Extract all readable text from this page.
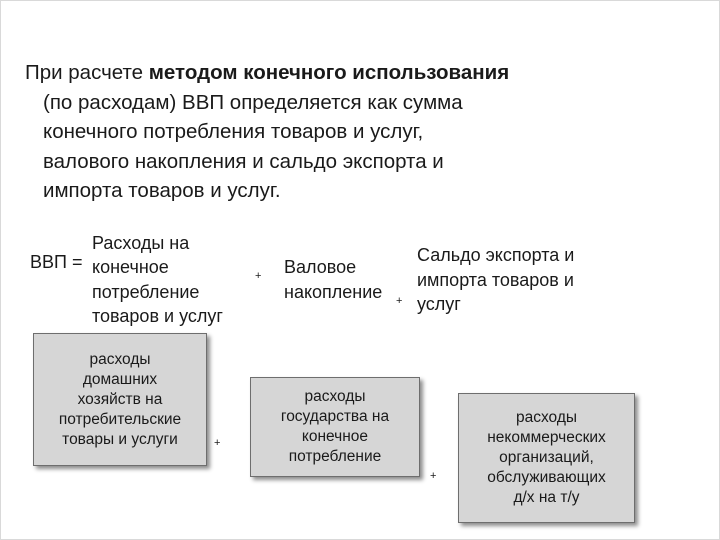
При расчете методом конечного использования
(по расходам) ВВП определяется как сумма
конечного потребления товаров и услуг,
валового накопления и сальдо экспорта и
импорта товаров и услуг.
ВВП =
Расходы на
конечное
потребление
товаров и услуг
+ Валовое
накопление +
Сальдо экспорта и
импорта товаров и
услуг
расходы
домашних
хозяйств на
потребительские
товары и услуги	+
расходы
государства на
конечное
потребление
+
расходы
некоммерческих
организаций,
обслуживающих
д/х на т/у
